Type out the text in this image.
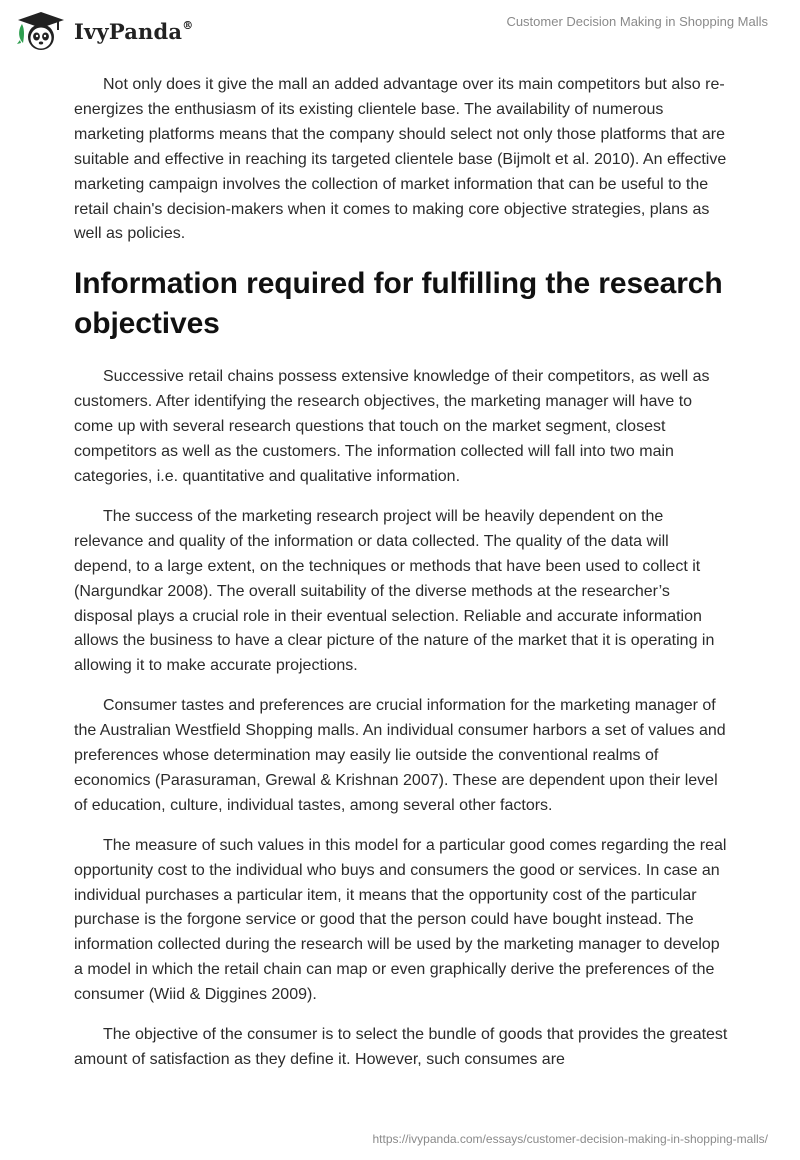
IvyPanda®	Customer Decision Making in Shopping Malls

Not only does it give the mall an added advantage over its main competitors but also re-energizes the enthusiasm of its existing clientele base. The availability of numerous marketing platforms means that the company should select not only those platforms that are suitable and effective in reaching its targeted clientele base (Bijmolt et al. 2010). An effective marketing campaign involves the collection of market information that can be useful to the retail chain's decision-makers when it comes to making core objective strategies, plans as well as policies.

Information required for fulfilling the research objectives

Successive retail chains possess extensive knowledge of their competitors, as well as customers. After identifying the research objectives, the marketing manager will have to come up with several research questions that touch on the market segment, closest competitors as well as the customers. The information collected will fall into two main categories, i.e. quantitative and qualitative information.

The success of the marketing research project will be heavily dependent on the relevance and quality of the information or data collected. The quality of the data will depend, to a large extent, on the techniques or methods that have been used to collect it (Nargundkar 2008). The overall suitability of the diverse methods at the researcher’s disposal plays a crucial role in their eventual selection. Reliable and accurate information allows the business to have a clear picture of the nature of the market that it is operating in allowing it to make accurate projections.

Consumer tastes and preferences are crucial information for the marketing manager of the Australian Westfield Shopping malls. An individual consumer harbors a set of values and preferences whose determination may easily lie outside the conventional realms of economics (Parasuraman, Grewal & Krishnan 2007). These are dependent upon their level of education, culture, individual tastes, among several other factors.

The measure of such values in this model for a particular good comes regarding the real opportunity cost to the individual who buys and consumers the good or services. In case an individual purchases a particular item, it means that the opportunity cost of the particular purchase is the forgone service or good that the person could have bought instead. The information collected during the research will be used by the marketing manager to develop a model in which the retail chain can map or even graphically derive the preferences of the consumer (Wiid & Diggines 2009).

The objective of the consumer is to select the bundle of goods that provides the greatest amount of satisfaction as they define it. However, such consumes are

https://ivypanda.com/essays/customer-decision-making-in-shopping-malls/
